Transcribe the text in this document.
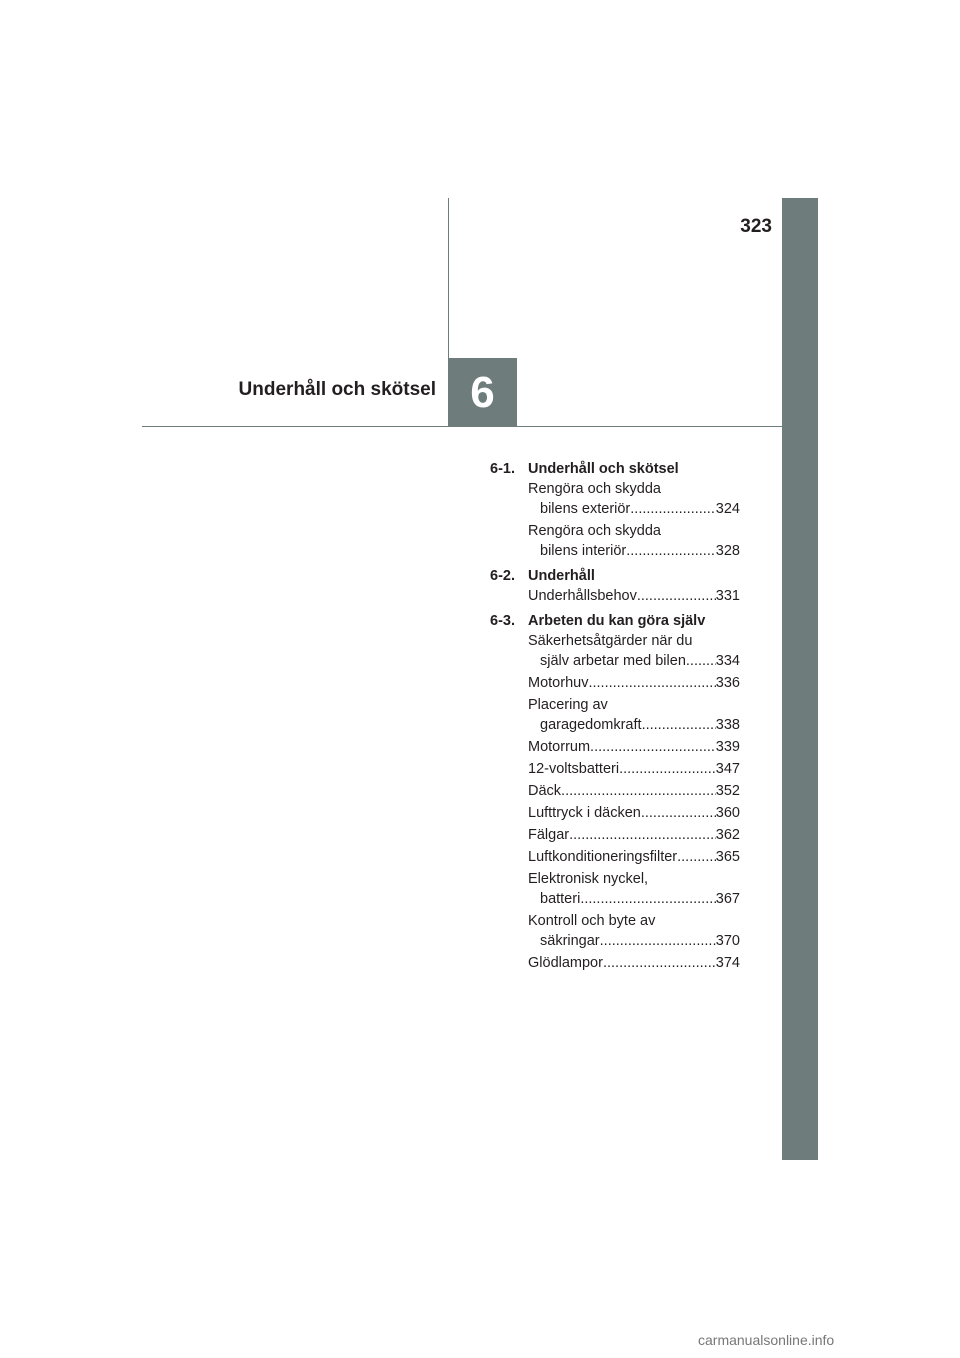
323
6
Underhåll och skötsel
6-1. Underhåll och skötsel
Rengöra och skydda
bilens exteriör .....	324
Rengöra och skydda
bilens interiör .....	328
6-2. Underhåll
Underhållsbehov .....	331
6-3. Arbeten du kan göra själv
Säkerhetsåtgärder när du
själv arbetar med bilen ..... 334
Motorhuv .....	336
Placering av
garagedomkraft .....	338
Motorrum .....	339
12-voltsbatteri .....	347
Däck .....	352
Lufttryck i däcken .....	360
Fälgar .....	362
Luftkonditioneringsfilter .....	365
Elektronisk nyckel,
batteri .....	367
Kontroll och byte av
säkringar .....	370
Glödlampor .....	374
carmanualsonline.info
